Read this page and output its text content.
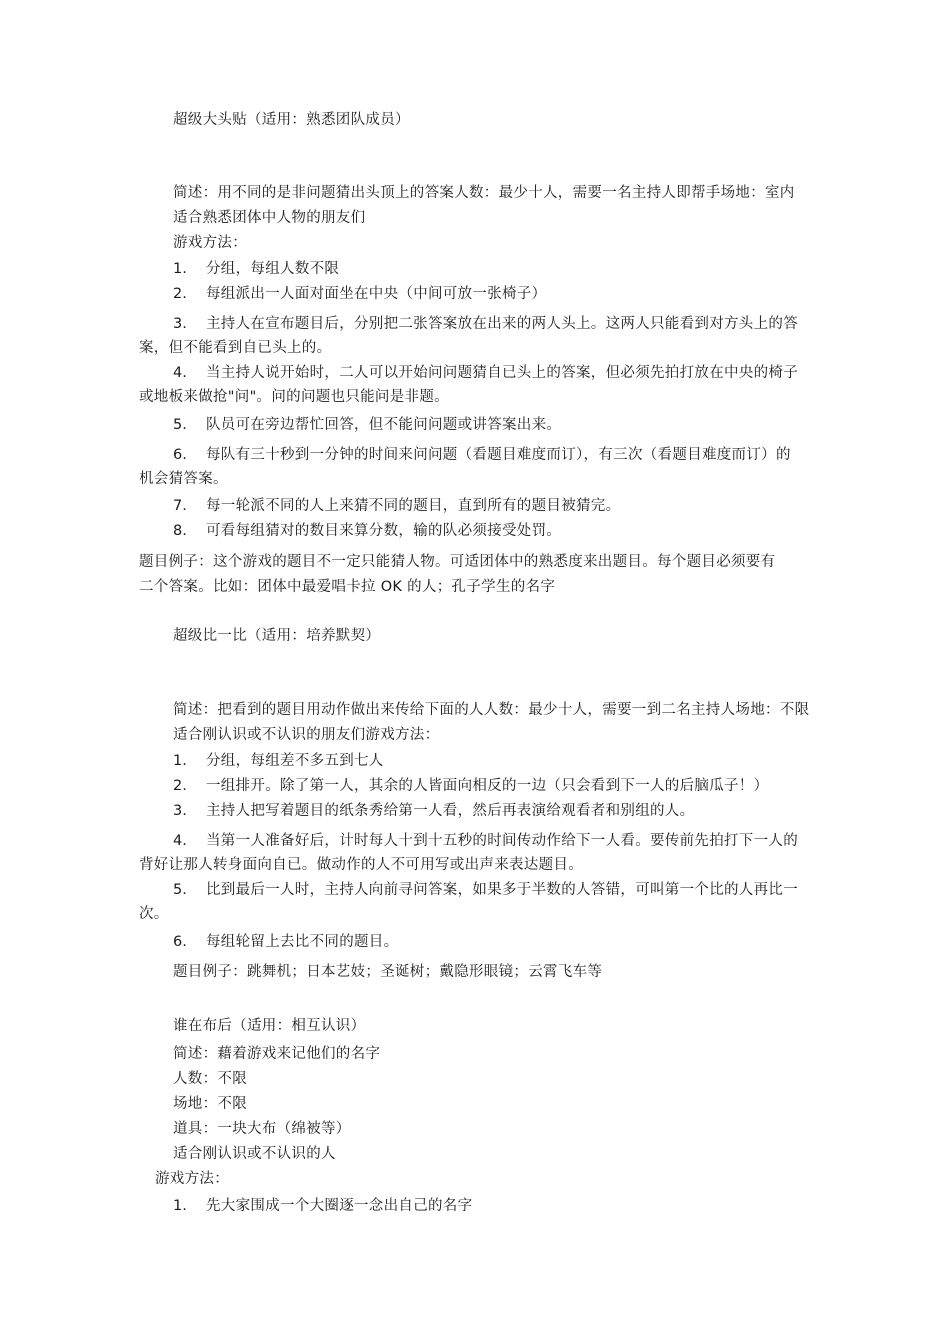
超级大头贴（适用：熟悉团队成员）
简述：用不同的是非问题猜出头顶上的答案人数：最少十人，需要一名主持人即帮手场地：室内
适合熟悉团体中人物的朋友们
游戏方法：
1. 分组，每组人数不限
2. 每组派出一人面对面坐在中央（中间可放一张椅子）
3. 主持人在宣布题目后，分别把二张答案放在出来的两人头上。这两人只能看到对方头上的答
案，但不能看到自已头上的。
4. 当主持人说开始时，二人可以开始问问题猜自已头上的答案，但必须先拍打放在中央的椅子
或地板来做抢"问"。问的问题也只能问是非题。
5. 队员可在旁边帮忙回答，但不能问问题或讲答案出来。
6. 每队有三十秒到一分钟的时间来问问题（看题目难度而订），有三次（看题目难度而订）的
机会猜答案。
7. 每一轮派不同的人上来猜不同的题目，直到所有的题目被猜完。
8. 可看每组猜对的数目来算分数，输的队必须接受处罚。
题目例子：这个游戏的题目不一定只能猜人物。可适团体中的熟悉度来出题目。每个题目必须要有
二个答案。比如：团体中最爱唱卡拉 OK 的人；孔子学生的名字
超级比一比（适用：培养默契）
简述：把看到的题目用动作做出来传给下面的人人数：最少十人，需要一到二名主持人场地：不限
适合刚认识或不认识的朋友们游戏方法：
1. 分组，每组差不多五到七人
2. 一组排开。除了第一人，其余的人皆面向相反的一边（只会看到下一人的后脑瓜子！）
3. 主持人把写着题目的纸条秀给第一人看，然后再表演给观看者和别组的人。
4. 当第一人准备好后，计时每人十到十五秒的时间传动作给下一人看。要传前先拍打下一人的
背好让那人转身面向自已。做动作的人不可用写或出声来表达题目。
5. 比到最后一人时，主持人向前寻问答案，如果多于半数的人答错，可叫第一个比的人再比一
次。
6. 每组轮留上去比不同的题目。
题目例子：跳舞机；日本艺妓；圣诞树；戴隐形眼镜；云霄飞车等
谁在布后（适用：相互认识）
简述：藉着游戏来记他们的名字
人数：不限
场地：不限
道具：一块大布（绵被等）
适合刚认识或不认识的人
游戏方法：
1. 先大家围成一个大圈逐一念出自己的名字
